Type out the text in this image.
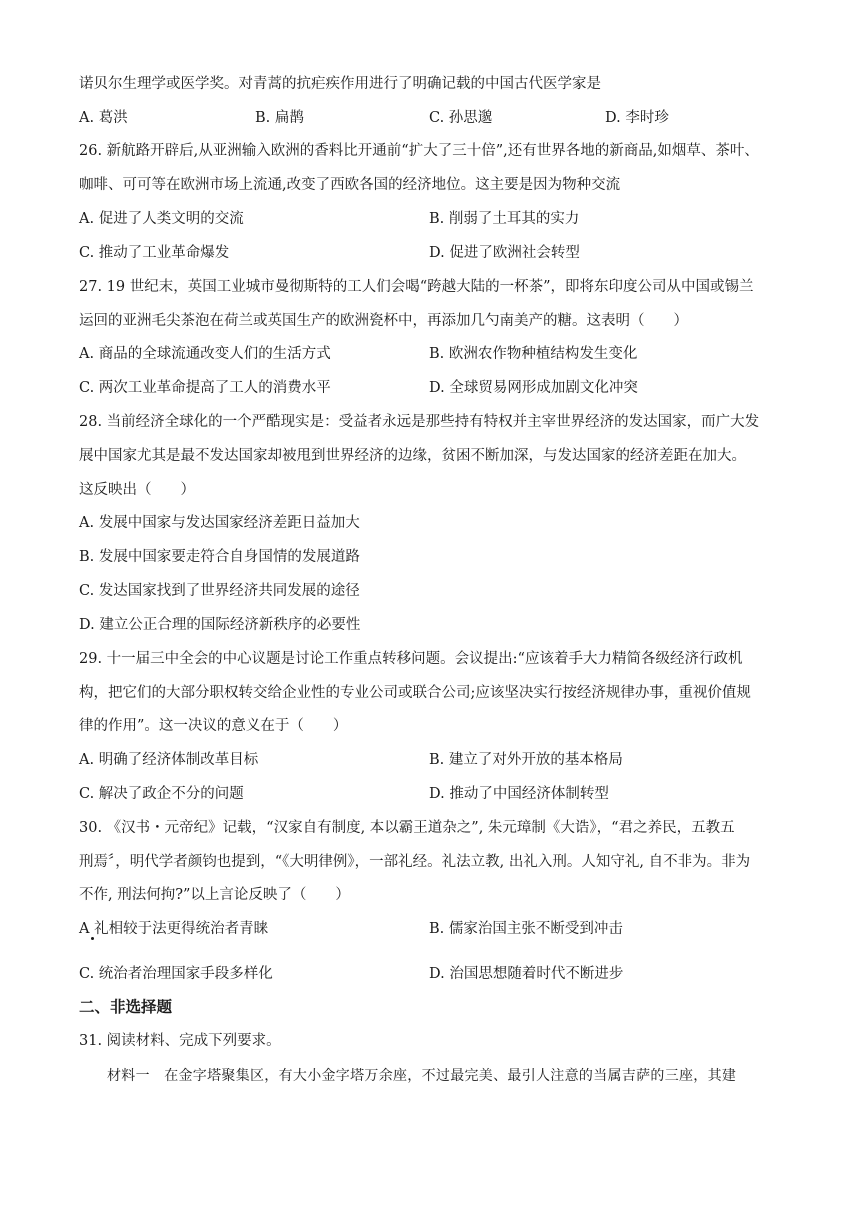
诺贝尔生理学或医学奖。对青蒿的抗疟疾作用进行了明确记载的中国古代医学家是
A. 葛洪	B. 扁鹊	C. 孙思邈	D. 李时珍
26. 新航路开辟后,从亚洲输入欧洲的香料比开通前“扩大了三十倍”,还有世界各地的新商品,如烟草、茶叶、
咖啡、可可等在欧洲市场上流通,改变了西欧各国的经济地位。这主要是因为物种交流
A. 促进了人类文明的交流	B. 削弱了土耳其的实力
C. 推动了工业革命爆发	D. 促进了欧洲社会转型
27. 19 世纪末，英国工业城市曼彻斯特的工人们会喝“跨越大陆的一杯茶”，即将东印度公司从中国或锡兰
运回的亚洲毛尖茶泡在荷兰或英国生产的欧洲瓷杯中，再添加几勺南美产的糖。这表明（　　）
A. 商品的全球流通改变人们的生活方式	B. 欧洲农作物种植结构发生变化
C. 两次工业革命提高了工人的消费水平	D. 全球贸易网形成加剧文化冲突
28. 当前经济全球化的一个严酷现实是：受益者永远是那些持有特权并主宰世界经济的发达国家，而广大发
展中国家尤其是最不发达国家却被甩到世界经济的边缘，贫困不断加深，与发达国家的经济差距在加大。
这反映出（　　）
A. 发展中国家与发达国家经济差距日益加大
B. 发展中国家要走符合自身国情的发展道路
C. 发达国家找到了世界经济共同发展的途径
D. 建立公正合理的国际经济新秩序的必要性
29. 十一届三中全会的中心议题是讨论工作重点转移问题。会议提出:“应该着手大力精简各级经济行政机
构，把它们的大部分职权转交给企业性的专业公司或联合公司;应该坚决实行按经济规律办事，重视价值规
律的作用”。这一决议的意义在于（　　）
A. 明确了经济体制改革目标	B. 建立了对外开放的基本格局
C. 解决了政企不分的问题	D. 推动了中国经济体制转型
30. 《汉书・元帝纪》记载，“汉家自有制度, 本以霸王道杂之”, 朱元璋制《大诰》，“君之养民，五教五
刑焉〞，明代学者颜钧也提到，“《大明律例》，一部礼经。礼法立教, 出礼入刑。人知守礼, 自不非为。非为
不作, 刑法何拘?”以上言论反映了（　　）
A 礼相较于法更得统治者青睐	B. 儒家治国主张不断受到冲击
C. 统治者治理国家手段多样化	D. 治国思想随着时代不断进步
二、非选择题
31. 阅读材料、完成下列要求。
材料一　在金字塔聚集区，有大小金字塔万余座，不过最完美、最引人注意的当属吉萨的三座，其建
